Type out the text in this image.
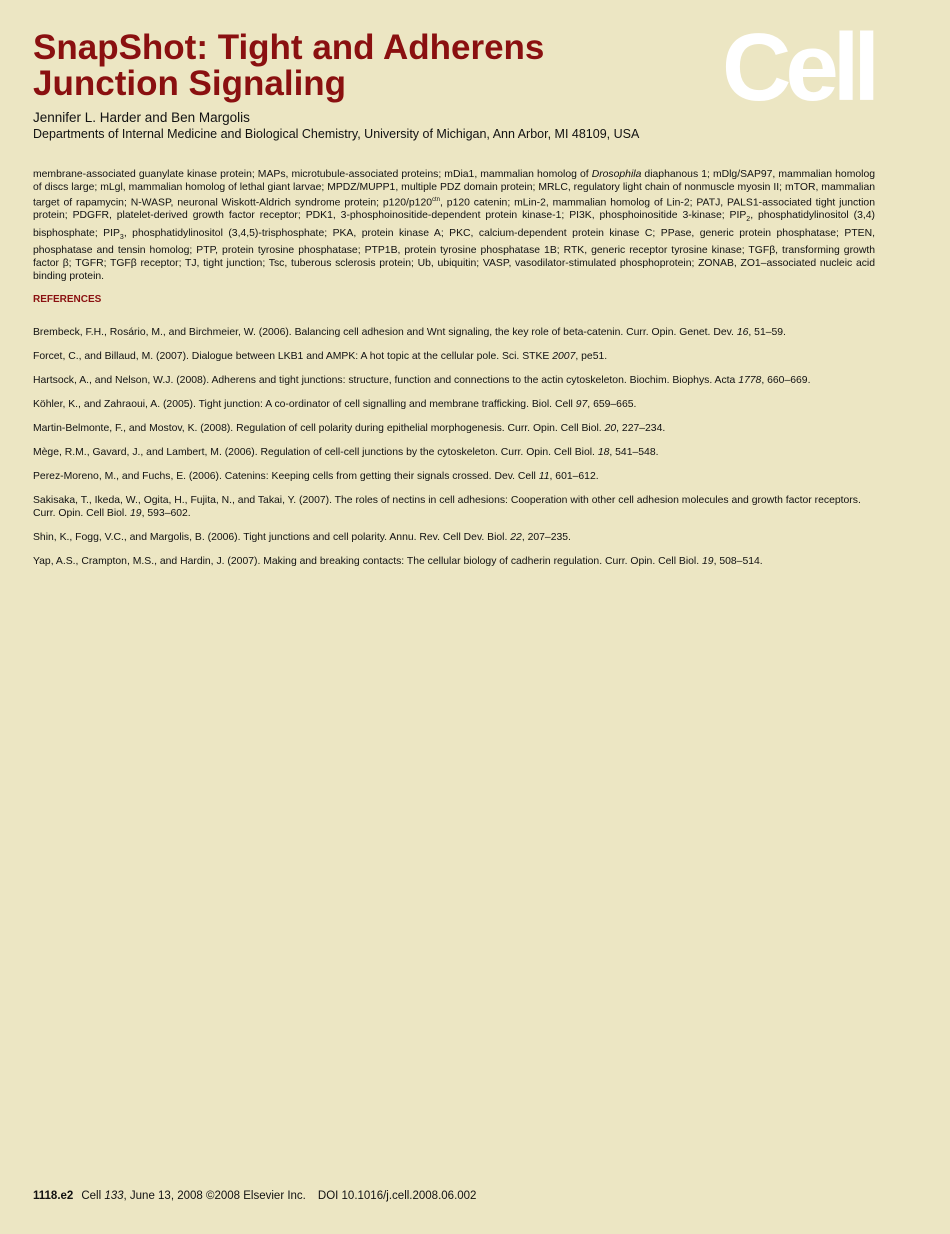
SnapShot: Tight and Adherens
Junction Signaling	Cell
Jennifer L. Harder and Ben Margolis
Departments of Internal Medicine and Biological Chemistry, University of Michigan, Ann Arbor, MI 48109, USA

membrane-associated guanylate kinase protein; MAPs, microtubule-associated proteins; mDia1, mammalian homolog of Drosophila diaphanous 1; mDlg/SAP97, mammalian homolog of discs large; mLgl, mammalian homolog of lethal giant larvae; MPDZ/MUPP1, multiple PDZ domain protein; MRLC, regulatory light chain of nonmuscle myosin II; mTOR, mammalian target of rapamycin; N-WASP, neuronal Wiskott-Aldrich syndrome protein; $p120/p120^{ctn}$, p120 catenin; mLin-2, mammalian homolog of Lin-2; PATJ, PALS1-associated tight junction protein; PDGFR, platelet-derived growth factor receptor; PDK1, 3-phosphoinositide-dependent protein kinase-1; PI3K, phosphoinositide 3-kinase; $PIP_2$, phosphatidylinositol (3,4) bisphosphate; $PIP_3$, phosphatidylinositol (3,4,5)-trisphosphate; PKA, protein kinase A; PKC, calcium-dependent protein kinase C; PPase, generic protein phosphatase; PTEN, phosphatase and tensin homolog; PTP, protein tyrosine phosphatase; PTP1B, protein tyrosine phosphatase 1B; RTK, generic receptor tyrosine kinase; TGFβ, transforming growth factor β; TGFR; TGFβ receptor; TJ, tight junction; Tsc, tuberous sclerosis protein; Ub, ubiquitin; VASP, vasodilator-stimulated phosphoprotein; ZONAB, ZO1–associated nucleic acid binding protein.

REFERENCES
Brembeck, F.H., Rosário, M., and Birchmeier, W. (2006). Balancing cell adhesion and Wnt signaling, the key role of beta-catenin. Curr. Opin. Genet. Dev. 16, 51–59.
Forcet, C., and Billaud, M. (2007). Dialogue between LKB1 and AMPK: A hot topic at the cellular pole. Sci. STKE 2007, pe51.
Hartsock, A., and Nelson, W.J. (2008). Adherens and tight junctions: structure, function and connections to the actin cytoskeleton. Biochim. Biophys. Acta 1778, 660–669.
Köhler, K., and Zahraoui, A. (2005). Tight junction: A co-ordinator of cell signalling and membrane trafficking. Biol. Cell 97, 659–665.
Martin-Belmonte, F., and Mostov, K. (2008). Regulation of cell polarity during epithelial morphogenesis. Curr. Opin. Cell Biol. 20, 227–234.
Mège, R.M., Gavard, J., and Lambert, M. (2006). Regulation of cell-cell junctions by the cytoskeleton. Curr. Opin. Cell Biol. 18, 541–548.
Perez-Moreno, M., and Fuchs, E. (2006). Catenins: Keeping cells from getting their signals crossed. Dev. Cell 11, 601–612.
Sakisaka, T., Ikeda, W., Ogita, H., Fujita, N., and Takai, Y. (2007). The roles of nectins in cell adhesions: Cooperation with other cell adhesion molecules and growth factor receptors. Curr. Opin. Cell Biol. 19, 593–602.
Shin, K., Fogg, V.C., and Margolis, B. (2006). Tight junctions and cell polarity. Annu. Rev. Cell Dev. Biol. 22, 207–235.
Yap, A.S., Crampton, M.S., and Hardin, J. (2007). Making and breaking contacts: The cellular biology of cadherin regulation. Curr. Opin. Cell Biol. 19, 508–514.
1118.e2 Cell 133, June 13, 2008 ©2008 Elsevier Inc. DOI 10.1016/j.cell.2008.06.002
